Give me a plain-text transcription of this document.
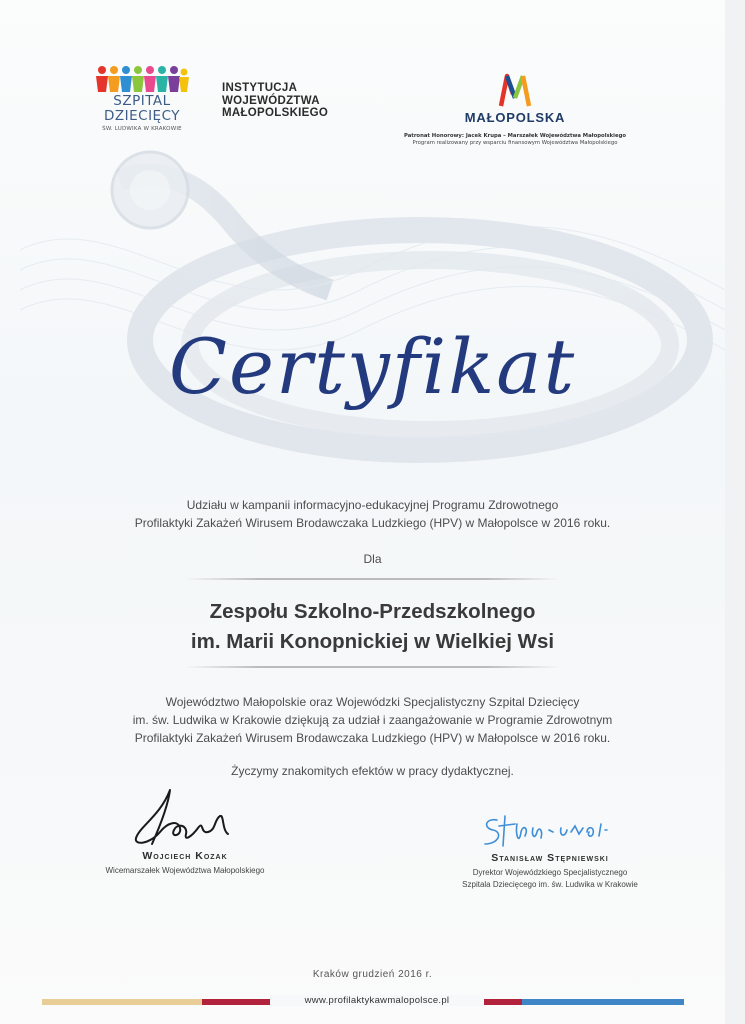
SZPITAL
DZIECIĘCY
ŚW. LUDWIKA W KRAKOWIE
INSTYTUCJA
WOJEWÓDZTWA
MAŁOPOLSKIEGO	MAŁOPOLSKA
Patronat Honorowy: Jacek Krupa – Marszałek Województwa Małopolskiego
Program realizowany przy wsparciu finansowym Województwa Małopolskiego
Certyfikat
Udziału w kampanii informacyjno-edukacyjnej Programu Zdrowotnego
Profilaktyki Zakażeń Wirusem Brodawczaka Ludzkiego (HPV) w Małopolsce w 2016 roku.
Dla
Zespołu Szkolno-Przedszkolnego
im. Marii Konopnickiej w Wielkiej Wsi
Województwo Małopolskie oraz Wojewódzki Specjalistyczny Szpital Dziecięcy
im. św. Ludwika w Krakowie dziękują za udział i zaangażowanie w Programie Zdrowotnym
Profilaktyki Zakażeń Wirusem Brodawczaka Ludzkiego (HPV) w Małopolsce w 2016 roku.
Życzymy znakomitych efektów w pracy dydaktycznej.
Wojciech Kozak
Wicemarszałek Województwa Małopolskiego
Stanisław Stępniewski
Dyrektor Wojewódzkiego Specjalistycznego
Szpitala Dziecięcego im. św. Ludwika w Krakowie
Kraków grudzień 2016 r.
www.profilaktykawmalopolsce.pl
